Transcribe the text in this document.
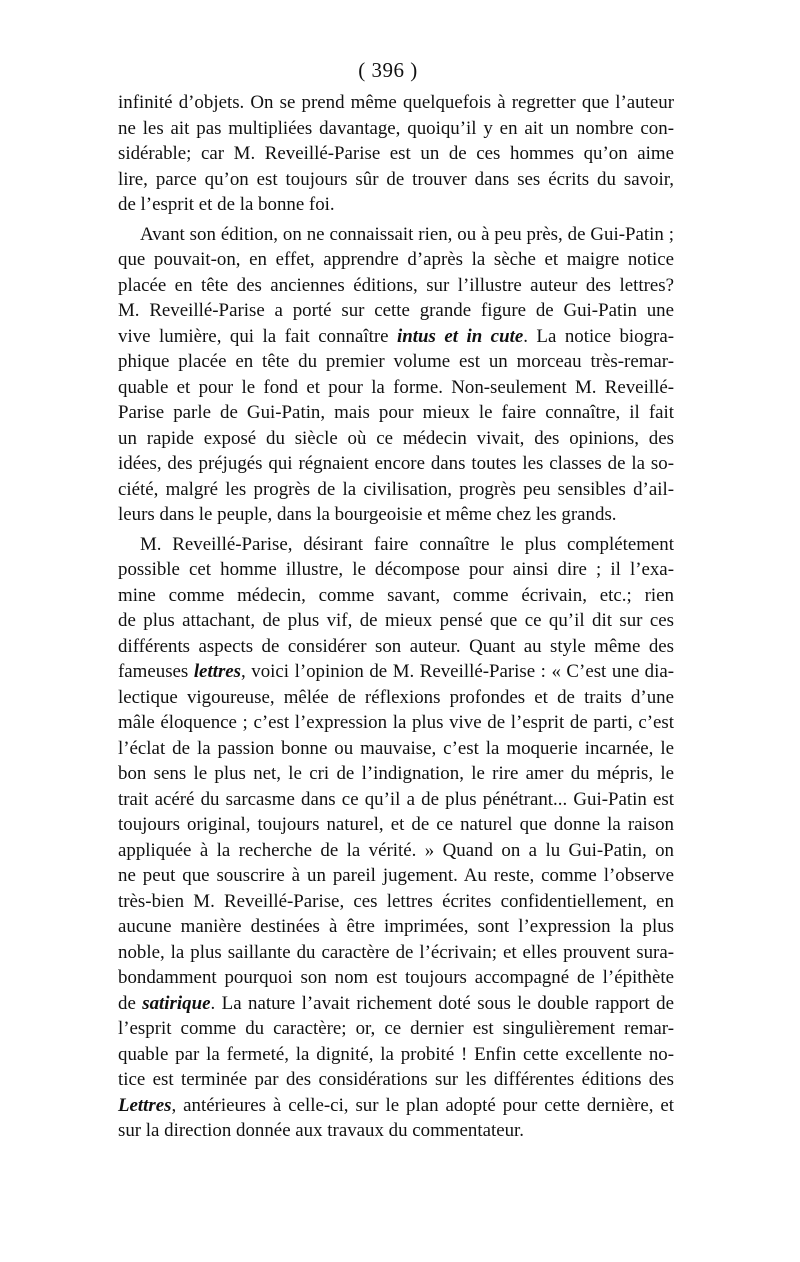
( 396 )
infinité d’objets. On se prend même quelquefois à regretter que l’auteur
ne les ait pas multipliées davantage, quoiqu’il y en ait un nombre con-
sidérable; car M. Reveillé-Parise est un de ces hommes qu’on aime
lire, parce qu’on est toujours sûr de trouver dans ses écrits du savoir,
de l’esprit et de la bonne foi.
Avant son édition, on ne connaissait rien, ou à peu près, de Gui-Patin ;
que pouvait-on, en effet, apprendre d’après la sèche et maigre notice
placée en tête des anciennes éditions, sur l’illustre auteur des lettres?
M. Reveillé-Parise a porté sur cette grande figure de Gui-Patin une
vive lumière, qui la fait connaître intus et in cute. La notice biogra-
phique placée en tête du premier volume est un morceau très-remar-
quable et pour le fond et pour la forme. Non-seulement M. Reveillé-
Parise parle de Gui-Patin, mais pour mieux le faire connaître, il fait
un rapide exposé du siècle où ce médecin vivait, des opinions, des
idées, des préjugés qui régnaient encore dans toutes les classes de la so-
ciété, malgré les progrès de la civilisation, progrès peu sensibles d’ail-
leurs dans le peuple, dans la bourgeoisie et même chez les grands.
M. Reveillé-Parise, désirant faire connaître le plus complétement
possible cet homme illustre, le décompose pour ainsi dire ; il l’exa-
mine comme médecin, comme savant, comme écrivain, etc.; rien
de plus attachant, de plus vif, de mieux pensé que ce qu’il dit sur ces
différents aspects de considérer son auteur. Quant au style même des
fameuses lettres, voici l’opinion de M. Reveillé-Parise : « C’est une dia-
lectique vigoureuse, mêlée de réflexions profondes et de traits d’une
mâle éloquence ; c’est l’expression la plus vive de l’esprit de parti, c’est
l’éclat de la passion bonne ou mauvaise, c’est la moquerie incarnée, le
bon sens le plus net, le cri de l’indignation, le rire amer du mépris, le
trait acéré du sarcasme dans ce qu’il a de plus pénétrant... Gui-Patin est
toujours original, toujours naturel, et de ce naturel que donne la raison
appliquée à la recherche de la vérité. » Quand on a lu Gui-Patin, on
ne peut que souscrire à un pareil jugement. Au reste, comme l’observe
très-bien M. Reveillé-Parise, ces lettres écrites confidentiellement, en
aucune manière destinées à être imprimées, sont l’expression la plus
noble, la plus saillante du caractère de l’écrivain; et elles prouvent sura-
bondamment pourquoi son nom est toujours accompagné de l’épithète
de satirique. La nature l’avait richement doté sous le double rapport de
l’esprit comme du caractère; or, ce dernier est singulièrement remar-
quable par la fermeté, la dignité, la probité ! Enfin cette excellente no-
tice est terminée par des considérations sur les différentes éditions des
Lettres, antérieures à celle-ci, sur le plan adopté pour cette dernière, et
sur la direction donnée aux travaux du commentateur.
